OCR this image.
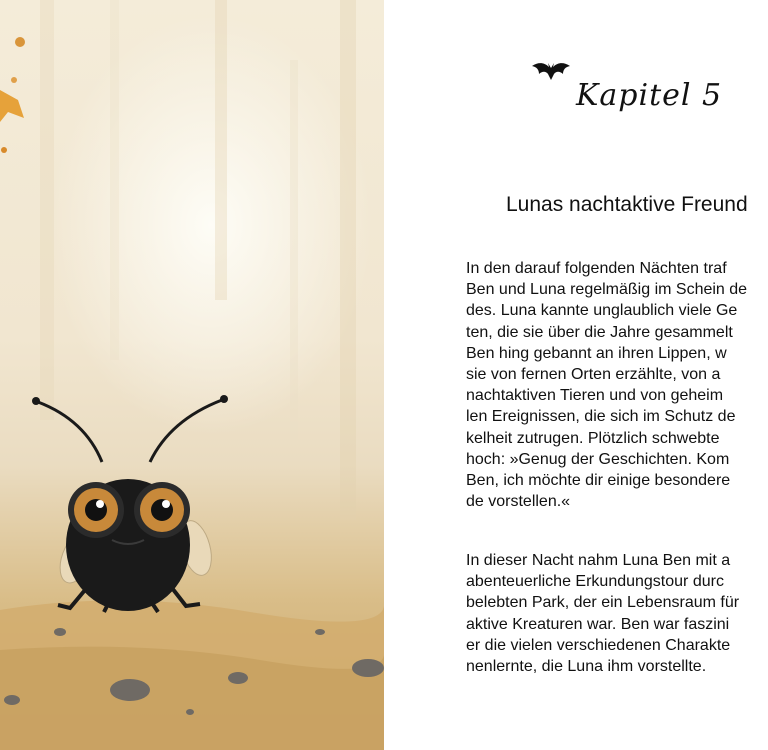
Kapitel 5
Lunas nachtaktive Freund

In den darauf folgenden Nächten traf
Ben und Luna regelmäßig im Schein de
des. Luna kannte unglaublich viele Ge
ten, die sie über die Jahre gesammelt
Ben hing gebannt an ihren Lippen, w
sie von fernen Orten erzählte, von a
nachtaktiven Tieren und von geheim
len Ereignissen, die sich im Schutz de
kelheit zutrugen. Plötzlich schwebte
hoch: »Genug der Geschichten. Kom
Ben, ich möchte dir einige besondere
de vorstellen.«

In dieser Nacht nahm Luna Ben mit a
abenteuerliche Erkundungstour durc
belebten Park, der ein Lebensraum für
aktive Kreaturen war. Ben war faszini
er die vielen verschiedenen Charakte
nenlernte, die Luna ihm vorstellte.
